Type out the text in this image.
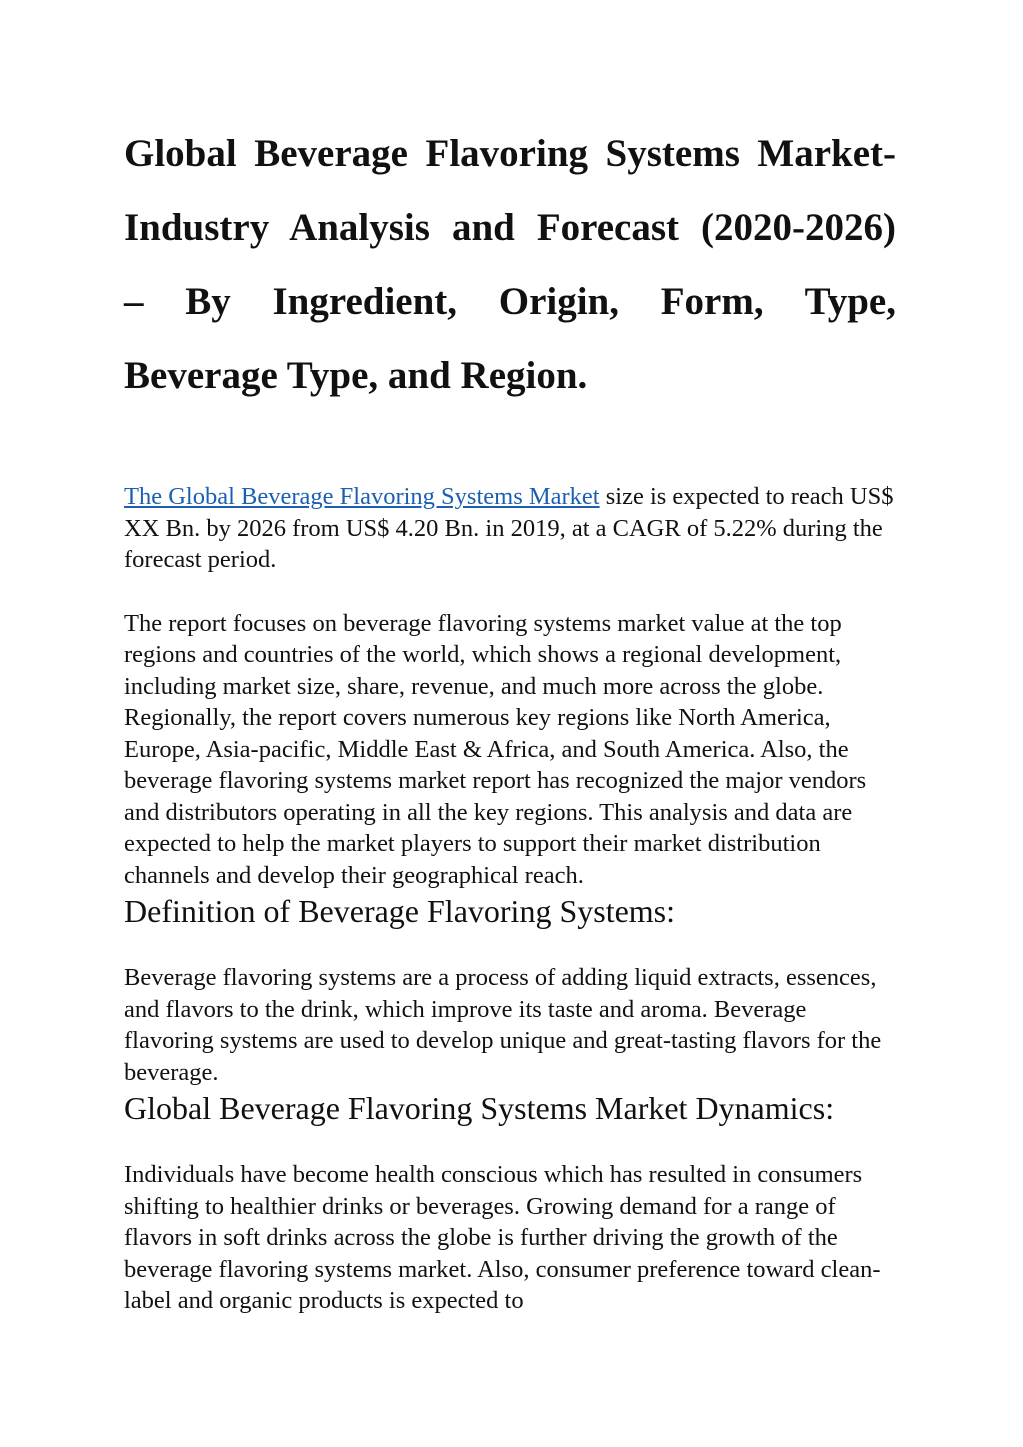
Global Beverage Flavoring Systems Market-
Industry Analysis and Forecast (2020-2026)
– By Ingredient, Origin, Form, Type,
Beverage Type, and Region.

The Global Beverage Flavoring Systems Market size is expected to reach US$ XX Bn. by 2026 from US$ 4.20 Bn. in 2019, at a CAGR of 5.22% during the forecast period.

The report focuses on beverage flavoring systems market value at the top regions and countries of the world, which shows a regional development, including market size, share, revenue, and much more across the globe. Regionally, the report covers numerous key regions like North America, Europe, Asia-pacific, Middle East & Africa, and South America. Also, the beverage flavoring systems market report has recognized the major vendors and distributors operating in all the key regions. This analysis and data are expected to help the market players to support their market distribution channels and develop their geographical reach.

Definition of Beverage Flavoring Systems:

Beverage flavoring systems are a process of adding liquid extracts, essences, and flavors to the drink, which improve its taste and aroma. Beverage flavoring systems are used to develop unique and great-tasting flavors for the beverage.

Global Beverage Flavoring Systems Market Dynamics:

Individuals have become health conscious which has resulted in consumers shifting to healthier drinks or beverages. Growing demand for a range of flavors in soft drinks across the globe is further driving the growth of the beverage flavoring systems market. Also, consumer preference toward clean-label and organic products is expected to
